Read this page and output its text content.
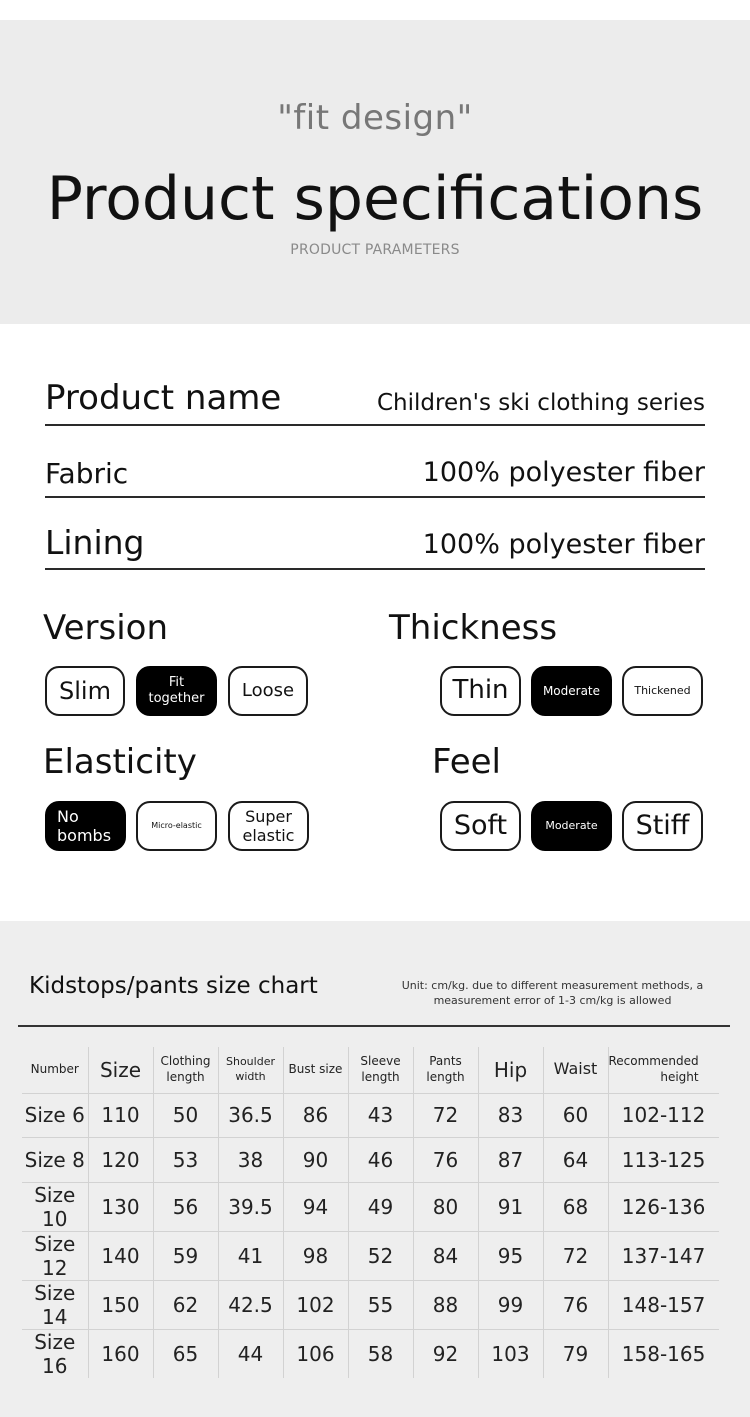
"fit design"
Product specifications
PRODUCT PARAMETERS
Product name	Children's ski clothing series
Fabric	100% polyester fiber
Lining	100% polyester fiber
Version
Slim	Fit together	Loose
Thickness
Thin	Moderate	Thickened
Elasticity
No bombs
Micro-elastic	Super elastic
Feel
Soft	Moderate	Stiff
Kidstops/pants size chart	Unit: cm/kg. due to different measurement methods, a measurement error of 1-3 cm/kg is allowed
Number	Size	Clothing length	Shoulder width	Bust size	Sleeve length	Pants length	Hip	Waist	Recommended height
Size 6	110	50	36.5	86	43	72	83	60	102-112
Size 8	120	53	38	90	46	76	87	64	113-125
Size 10	130	56	39.5	94	49	80	91	68	126-136
Size 12	140	59	41	98	52	84	95	72	137-147
Size 14	150	62	42.5	102	55	88	99	76	148-157
Size 16	160	65	44	106	58	92	103	79	158-165
